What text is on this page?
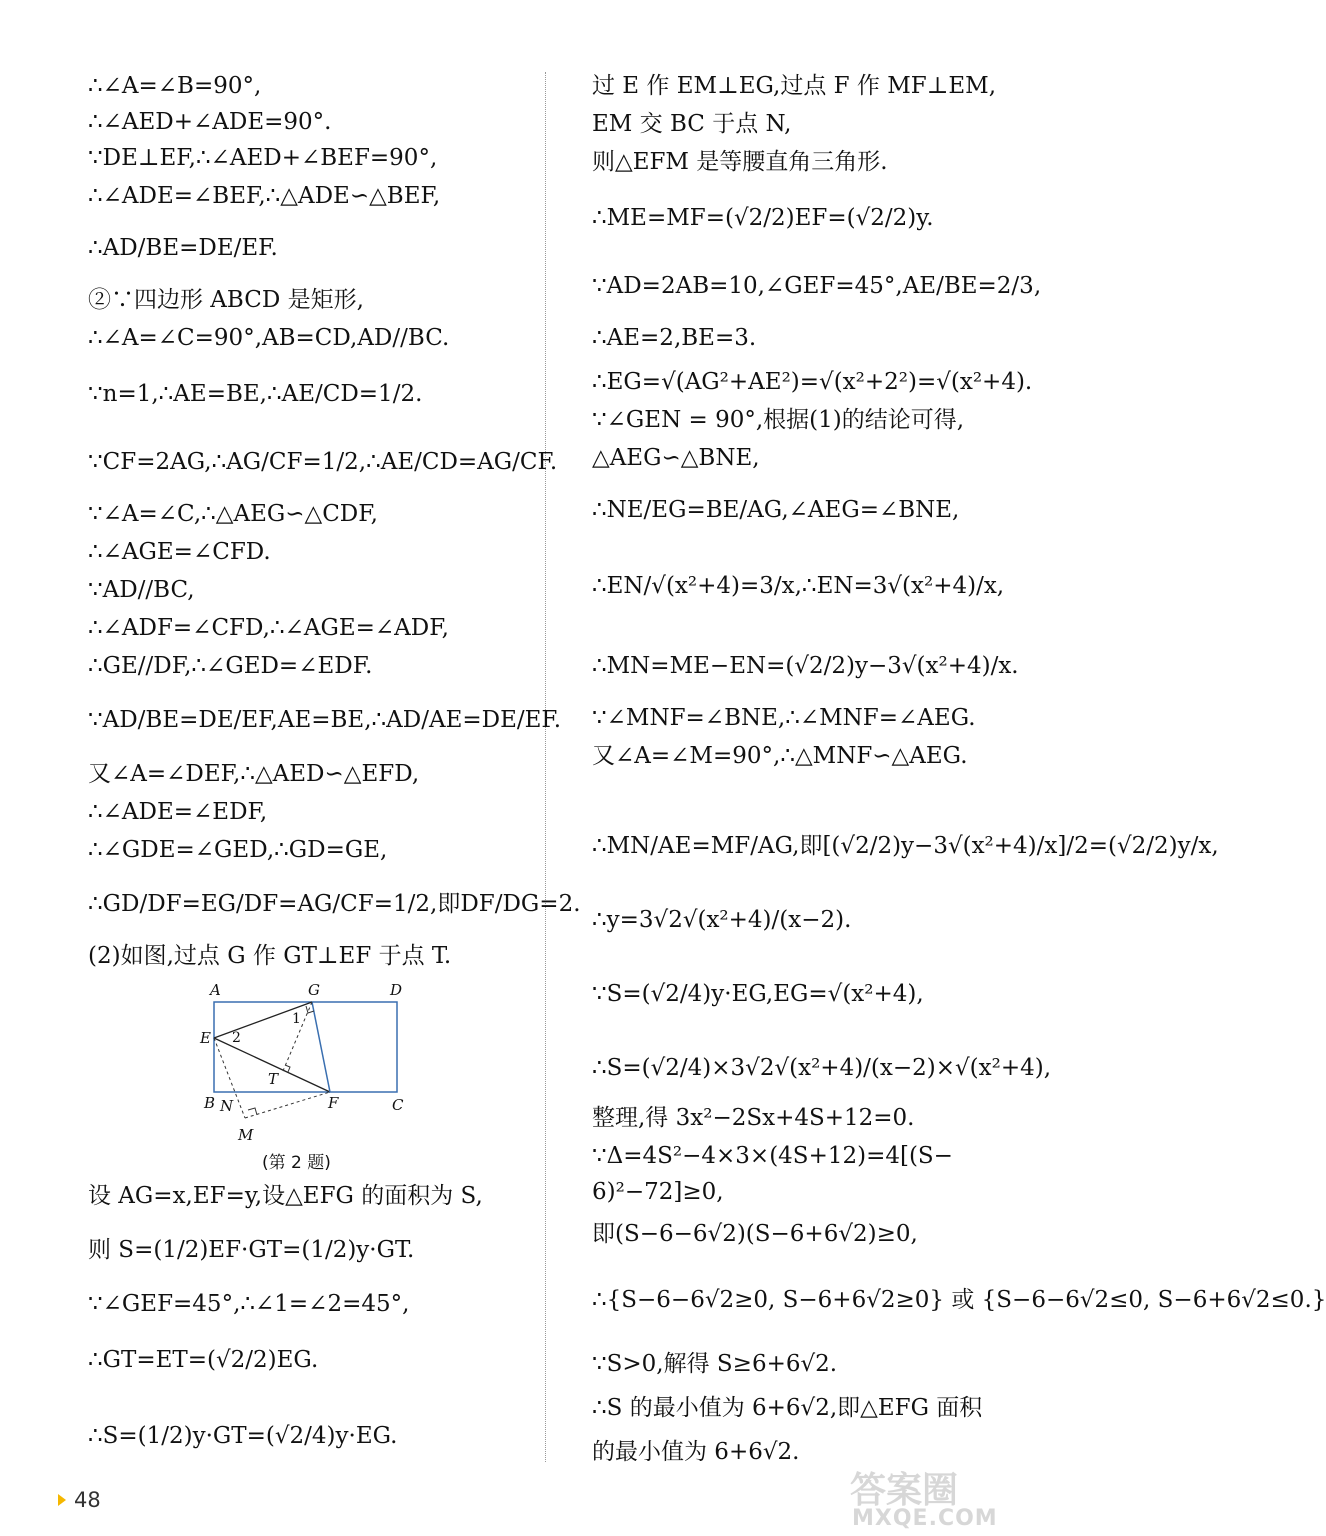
∴∠A=∠B=90°,
∴∠AED+∠ADE=90°.
∵DE⊥EF,∴∠AED+∠BEF=90°,
∴∠ADE=∠BEF,∴△ADE∽△BEF,
∴AD/BE=DE/EF.
②∵四边形 ABCD 是矩形,
∴∠A=∠C=90°,AB=CD,AD//BC.
∵n=1,∴AE=BE,∴AE/CD=1/2.
∵CF=2AG,∴AG/CF=1/2,∴AE/CD=AG/CF.
∵∠A=∠C,∴△AEG∽△CDF,
∴∠AGE=∠CFD.
∵AD//BC,
∴∠ADF=∠CFD,∴∠AGE=∠ADF,
∴GE//DF,∴∠GED=∠EDF.
∵AD/BE=DE/EF,AE=BE,∴AD/AE=DE/EF.
又∠A=∠DEF,∴△AED∽△EFD,
∴∠ADE=∠EDF,
∴∠GDE=∠GED,∴GD=GE,
∴GD/DF=EG/DF=AG/CF=1/2,即DF/DG=2.
(2)如图,过点 G 作 GT⊥EF 于点 T.
设 AG=x,EF=y,设△EFG 的面积为 S,
则 S=(1/2)EF·GT=(1/2)y·GT.
∵∠GEF=45°,∴∠1=∠2=45°,
∴GT=ET=(√2/2)EG.
∴S=(1/2)y·GT=(√2/4)y·EG.
A	G	D
E 2
1
T
B N	F	C
M
(第 2 题)
过 E 作 EM⊥EG,过点 F 作 MF⊥EM,
EM 交 BC 于点 N,
则△EFM 是等腰直角三角形.
∴ME=MF=(√2/2)EF=(√2/2)y.
∵AD=2AB=10,∠GEF=45°,AE/BE=2/3,
∴AE=2,BE=3.
∴EG=√(AG²+AE²)=√(x²+2²)=√(x²+4).
∵∠GEN = 90°,根据(1)的结论可得,
△AEG∽△BNE,
∴NE/EG=BE/AG,∠AEG=∠BNE,
∴EN/√(x²+4)=3/x,∴EN=3√(x²+4)/x,
∴MN=ME−EN=(√2/2)y−3√(x²+4)/x.
∵∠MNF=∠BNE,∴∠MNF=∠AEG.
又∠A=∠M=90°,∴△MNF∽△AEG.
∴MN/AE=MF/AG,即[(√2/2)y−3√(x²+4)/x]/2=(√2/2)y/x,
∴y=3√2√(x²+4)/(x−2).
∵S=(√2/4)y·EG,EG=√(x²+4),
∴S=(√2/4)×3√2√(x²+4)/(x−2)×√(x²+4),
整理,得 3x²−2Sx+4S+12=0.
∵Δ=4S²−4×3×(4S+12)=4[(S−
6)²−72]≥0,
即(S−6−6√2)(S−6+6√2)≥0,
∴{S−6−6√2≥0, S−6+6√2≥0} 或 {S−6−6√2≤0, S−6+6√2≤0.}
∵S>0,解得 S≥6+6√2.
∴S 的最小值为 6+6√2,即△EFG 面积
的最小值为 6+6√2.
48	答案圈
MXQE.COM
